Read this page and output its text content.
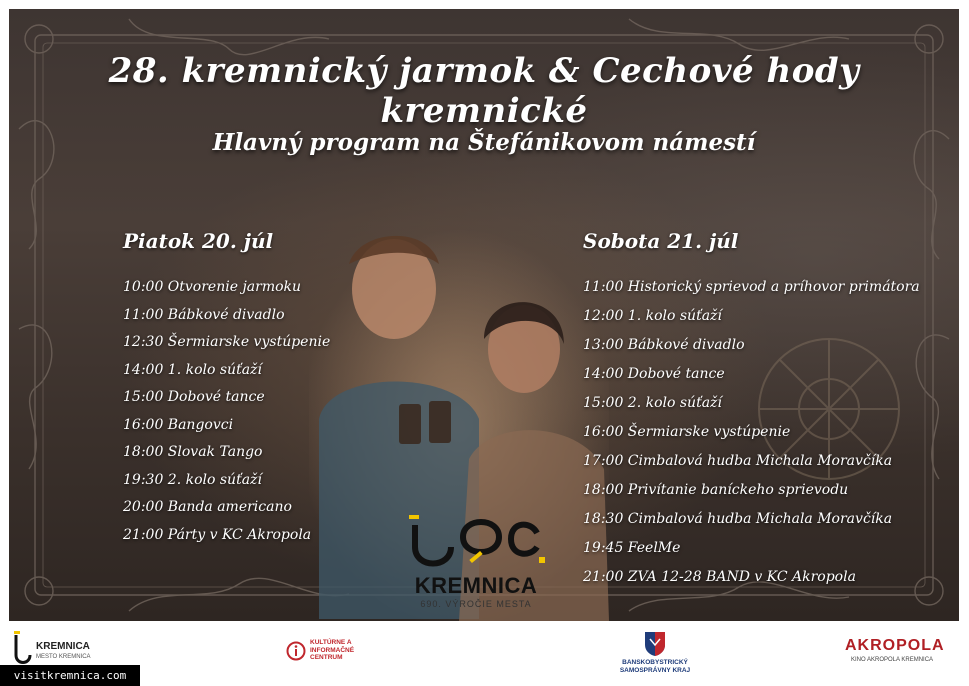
28. kremnický jarmok & Cechové hody kremnické
Hlavný program na Štefánikovom námestí
Piatok 20. júl
10:00 Otvorenie jarmoku
11:00 Bábkové divadlo
12:30 Šermiarske vystúpenie
14:00 1. kolo súťaží
15:00 Dobové tance
16:00 Bangovci
18:00 Slovak Tango
19:30 2. kolo súťaží
20:00 Banda americano
21:00 Párty v KC Akropola
Sobota 21. júl
11:00 Historický sprievod a príhovor primátora
12:00 1. kolo súťaží
13:00 Bábkové divadlo
14:00 Dobové tance
15:00 2. kolo súťaží
16:00 Šermiarske vystúpenie
17:00 Cimbalová hudba Michala Moravčíka
18:00 Privítanie baníckeho sprievodu
18:30 Cimbalová hudba Michala Moravčíka
19:45 FeelMe
21:00 ZVA 12-28 BAND v KC Akropola
KREMNICA
690. VÝROČIE MESTA
KREMNICA
MESTO KREMNICA
KULTÚRNE A INFORMAČNÉ CENTRUM
BANSKOBYSTRICKÝ SAMOSPRÁVNY KRAJ
AKROPOLA
KINO AKROPOLA KREMNICA
visitkremnica.com
